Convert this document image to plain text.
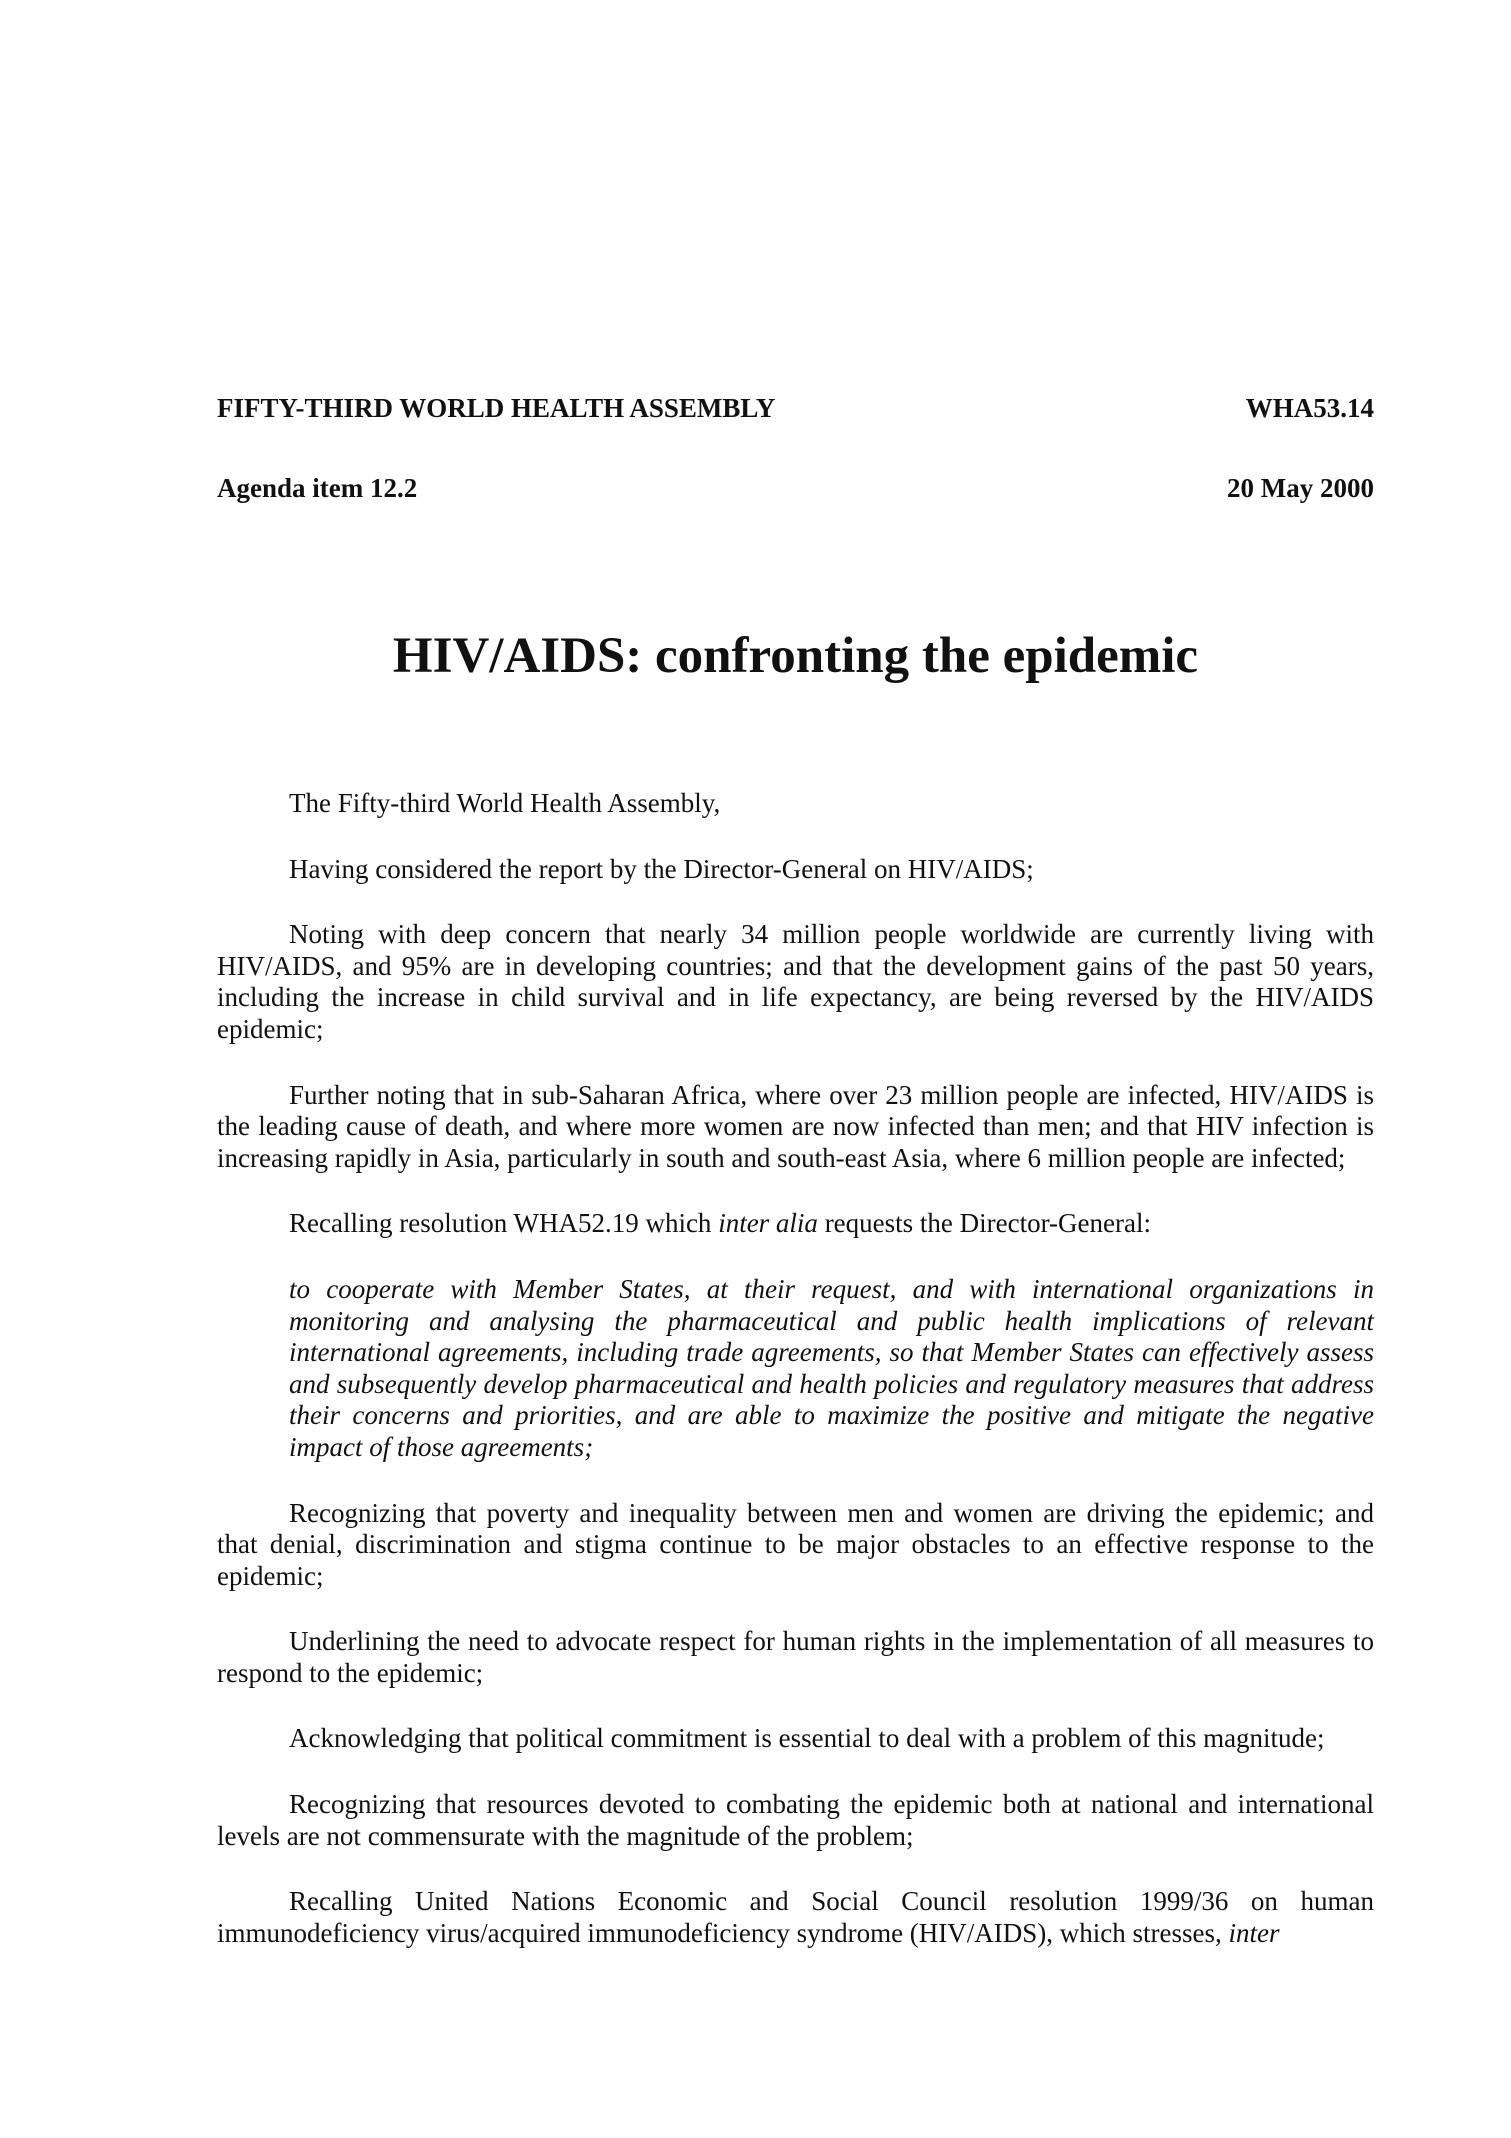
FIFTY-THIRD WORLD HEALTH ASSEMBLY	WHA53.14
Agenda item 12.2	20 May 2000
HIV/AIDS: confronting the epidemic

The Fifty-third World Health Assembly,

Having considered the report by the Director-General on HIV/AIDS;

Noting with deep concern that nearly 34 million people worldwide are currently living with HIV/AIDS, and 95% are in developing countries; and that the development gains of the past 50 years, including the increase in child survival and in life expectancy, are being reversed by the HIV/AIDS epidemic;

Further noting that in sub-Saharan Africa, where over 23 million people are infected, HIV/AIDS is the leading cause of death, and where more women are now infected than men; and that HIV infection is increasing rapidly in Asia, particularly in south and south-east Asia, where 6 million people are infected;

Recalling resolution WHA52.19 which inter alia requests the Director-General:

to cooperate with Member States, at their request, and with international organizations in monitoring and analysing the pharmaceutical and public health implications of relevant international agreements, including trade agreements, so that Member States can effectively assess and subsequently develop pharmaceutical and health policies and regulatory measures that address their concerns and priorities, and are able to maximize the positive and mitigate the negative impact of those agreements;

Recognizing that poverty and inequality between men and women are driving the epidemic; and that denial, discrimination and stigma continue to be major obstacles to an effective response to the epidemic;

Underlining the need to advocate respect for human rights in the implementation of all measures to respond to the epidemic;

Acknowledging that political commitment is essential to deal with a problem of this magnitude;

Recognizing that resources devoted to combating the epidemic both at national and international levels are not commensurate with the magnitude of the problem;

Recalling United Nations Economic and Social Council resolution 1999/36 on human immunodeficiency virus/acquired immunodeficiency syndrome (HIV/AIDS), which stresses, inter
